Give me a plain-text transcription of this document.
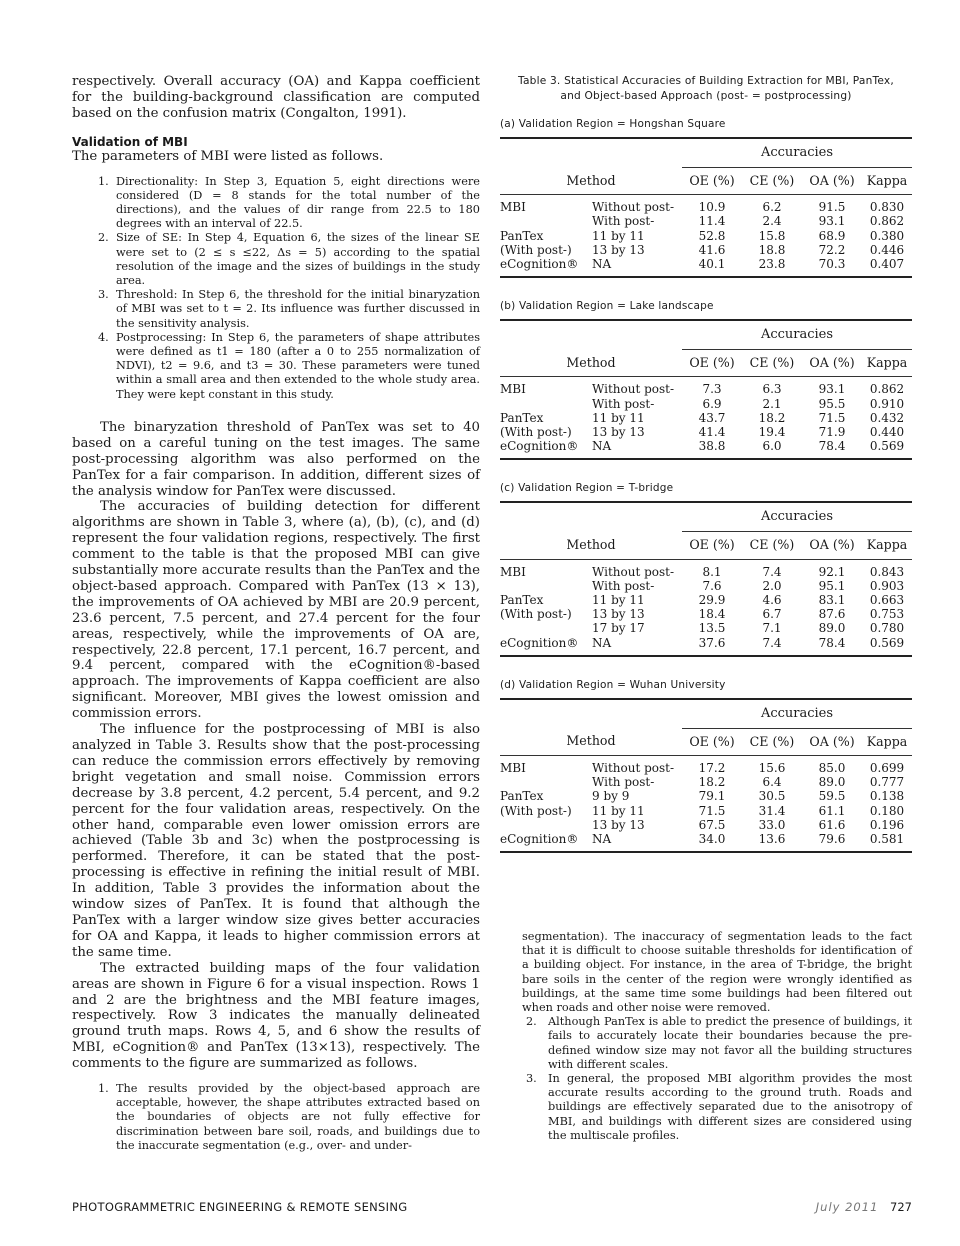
respectively. Overall accuracy (OA) and Kappa coefficient for the building-background classification are computed based on the confusion matrix (Congalton, 1991).

Validation of MBI

The parameters of MBI were listed as follows.

1. Directionality: In Step 3, Equation 5, eight directions were considered (D = 8 stands for the total number of the directions), and the values of dir range from 22.5 to 180 degrees with an interval of 22.5.
2. Size of SE: In Step 4, Equation 6, the sizes of the linear SE were set to (2 ≤ s ≤22, Δs = 5) according to the spatial resolution of the image and the sizes of buildings in the study area.
3. Threshold: In Step 6, the threshold for the initial binaryzation of MBI was set to t = 2. Its influence was further discussed in the sensitivity analysis.
4. Postprocessing: In Step 6, the parameters of shape attributes were defined as t1 = 180 (after a 0 to 255 normalization of NDVI), t2 = 9.6, and t3 = 30. These parameters were tuned within a small area and then extended to the whole study area. They were kept constant in this study.

The binaryzation threshold of PanTex was set to 40 based on a careful tuning on the test images. The same post-processing algorithm was also performed on the PanTex for a fair comparison. In addition, different sizes of the analysis window for PanTex were discussed.

The accuracies of building detection for different algorithms are shown in Table 3, where (a), (b), (c), and (d) represent the four validation regions, respectively. The first comment to the table is that the proposed MBI can give substantially more accurate results than the PanTex and the object-based approach. Compared with PanTex (13 × 13), the improvements of OA achieved by MBI are 20.9 percent, 23.6 percent, 7.5 percent, and 27.4 percent for the four areas, respectively, while the improvements of OA are, respectively, 22.8 percent, 17.1 percent, 16.7 percent, and 9.4 percent, compared with the eCognition®-based approach. The improvements of Kappa coefficient are also significant. Moreover, MBI gives the lowest omission and commission errors.

The influence for the postprocessing of MBI is also analyzed in Table 3. Results show that the post-processing can reduce the commission errors effectively by removing bright vegetation and small noise. Commission errors decrease by 3.8 percent, 4.2 percent, 5.4 percent, and 9.2 percent for the four validation areas, respectively. On the other hand, comparable even lower omission errors are achieved (Table 3b and 3c) when the postprocessing is performed. Therefore, it can be stated that the post-processing is effective in refining the initial result of MBI. In addition, Table 3 provides the information about the window sizes of PanTex. It is found that although the PanTex with a larger window size gives better accuracies for OA and Kappa, it leads to higher commission errors at the same time.

The extracted building maps of the four validation areas are shown in Figure 6 for a visual inspection. Rows 1 and 2 are the brightness and the MBI feature images, respectively. Row 3 indicates the manually delineated ground truth maps. Rows 4, 5, and 6 show the results of MBI, eCognition® and PanTex (13×13), respectively. The comments to the figure are summarized as follows.

1. The results provided by the object-based approach are acceptable, however, the shape attributes extracted based on the boundaries of objects are not fully effective for discrimination between bare soil, roads, and buildings due to the inaccurate segmentation (e.g., over- and under-
Table 3. Statistical Accuracies of Building Extraction for MBI, PanTex,
and Object-based Approach (post- = postprocessing)
(a) Validation Region = Hongshan Square
		Accuracies			
Method		OE (%)	CE (%)	OA (%)	Kappa
MBI	Without post-	10.9	6.2	91.5	0.830
	With post-	11.4	2.4	93.1	0.862
PanTex	11 by 11	52.8	15.8	68.9	0.380
(With post-)	13 by 13	41.6	18.8	72.2	0.446
eCognition®	NA	40.1	23.8	70.3	0.407
(b) Validation Region = Lake landscape
		Accuracies			
Method		OE (%)	CE (%)	OA (%)	Kappa
MBI	Without post-	7.3	6.3	93.1	0.862
	With post-	6.9	2.1	95.5	0.910
PanTex	11 by 11	43.7	18.2	71.5	0.432
(With post-)	13 by 13	41.4	19.4	71.9	0.440
eCognition®	NA	38.8	6.0	78.4	0.569
(c) Validation Region = T-bridge
		Accuracies			
Method		OE (%)	CE (%)	OA (%)	Kappa
MBI	Without post-	8.1	7.4	92.1	0.843
	With post-	7.6	2.0	95.1	0.903
PanTex	11 by 11	29.9	4.6	83.1	0.663
(With post-)	13 by 13	18.4	6.7	87.6	0.753
	17 by 17	13.5	7.1	89.0	0.780
eCognition®	NA	37.6	7.4	78.4	0.569
(d) Validation Region = Wuhan University
		Accuracies			
Method		OE (%)	CE (%)	OA (%)	Kappa
MBI	Without post-	17.2	15.6	85.0	0.699
	With post-	18.2	6.4	89.0	0.777
PanTex	9 by 9	79.1	30.5	59.5	0.138
(With post-)	11 by 11	71.5	31.4	61.1	0.180
	13 by 13	67.5	33.0	61.6	0.196
eCognition®	NA	34.0	13.6	79.6	0.581

segmentation). The inaccuracy of segmentation leads to the fact that it is difficult to choose suitable thresholds for identification of a building object. For instance, in the area of T-bridge, the bright bare soils in the center of the region were wrongly identified as buildings, at the same time some buildings had been filtered out when roads and other noise were removed.

2. Although PanTex is able to predict the presence of buildings, it fails to accurately locate their boundaries because the pre-defined window size may not favor all the building structures with different scales.
3. In general, the proposed MBI algorithm provides the most accurate results according to the ground truth. Roads and buildings are effectively separated due to the anisotropy of MBI, and buildings with different sizes are considered using the multiscale profiles.
PHOTOGRAMMETRIC ENGINEERING & REMOTE SENSING	July 2011 727
